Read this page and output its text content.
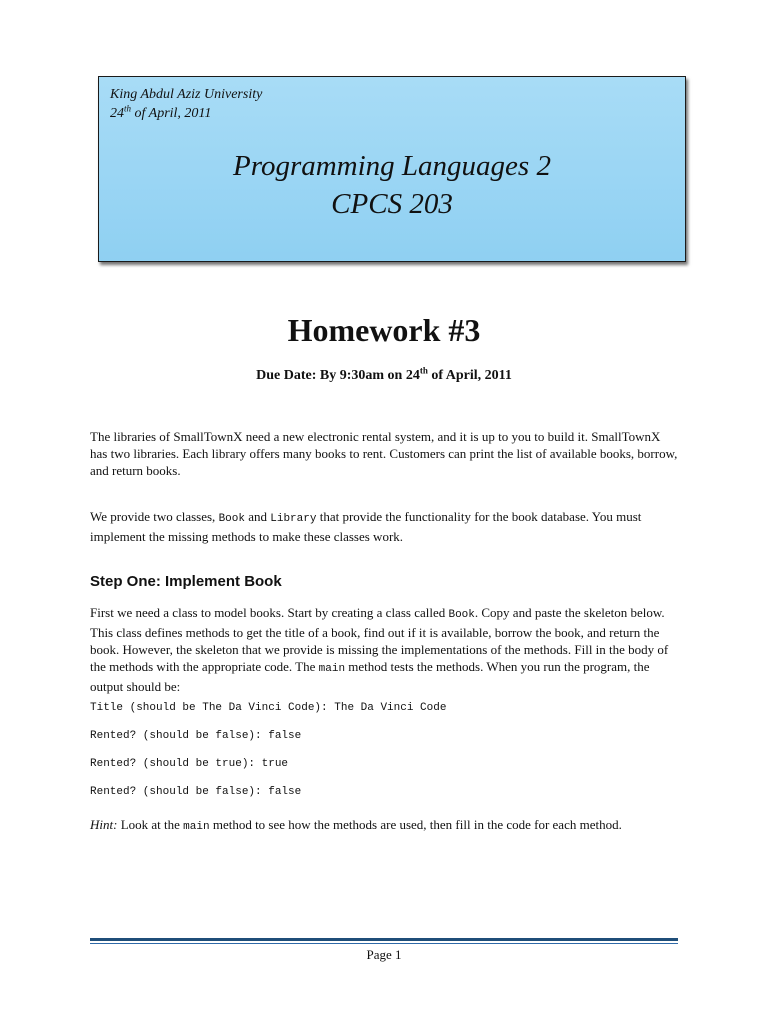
King Abdul Aziz University
24th of April, 2011
Programming Languages 2
CPCS 203
Homework #3
Due Date: By 9:30am on 24th of April, 2011
The libraries of SmallTownX need a new electronic rental system, and it is up to you to build it. SmallTownX has two libraries. Each library offers many books to rent. Customers can print the list of available books, borrow, and return books.
We provide two classes, Book and Library that provide the functionality for the book database. You must implement the missing methods to make these classes work.
Step One: Implement Book
First we need a class to model books. Start by creating a class called Book. Copy and paste the skeleton below. This class defines methods to get the title of a book, find out if it is available, borrow the book, and return the book. However, the skeleton that we provide is missing the implementations of the methods. Fill in the body of the methods with the appropriate code. The main method tests the methods. When you run the program, the output should be:
Title (should be The Da Vinci Code): The Da Vinci Code
Rented? (should be false): false
Rented? (should be true): true
Rented? (should be false): false
Hint: Look at the main method to see how the methods are used, then fill in the code for each method.
Page 1
